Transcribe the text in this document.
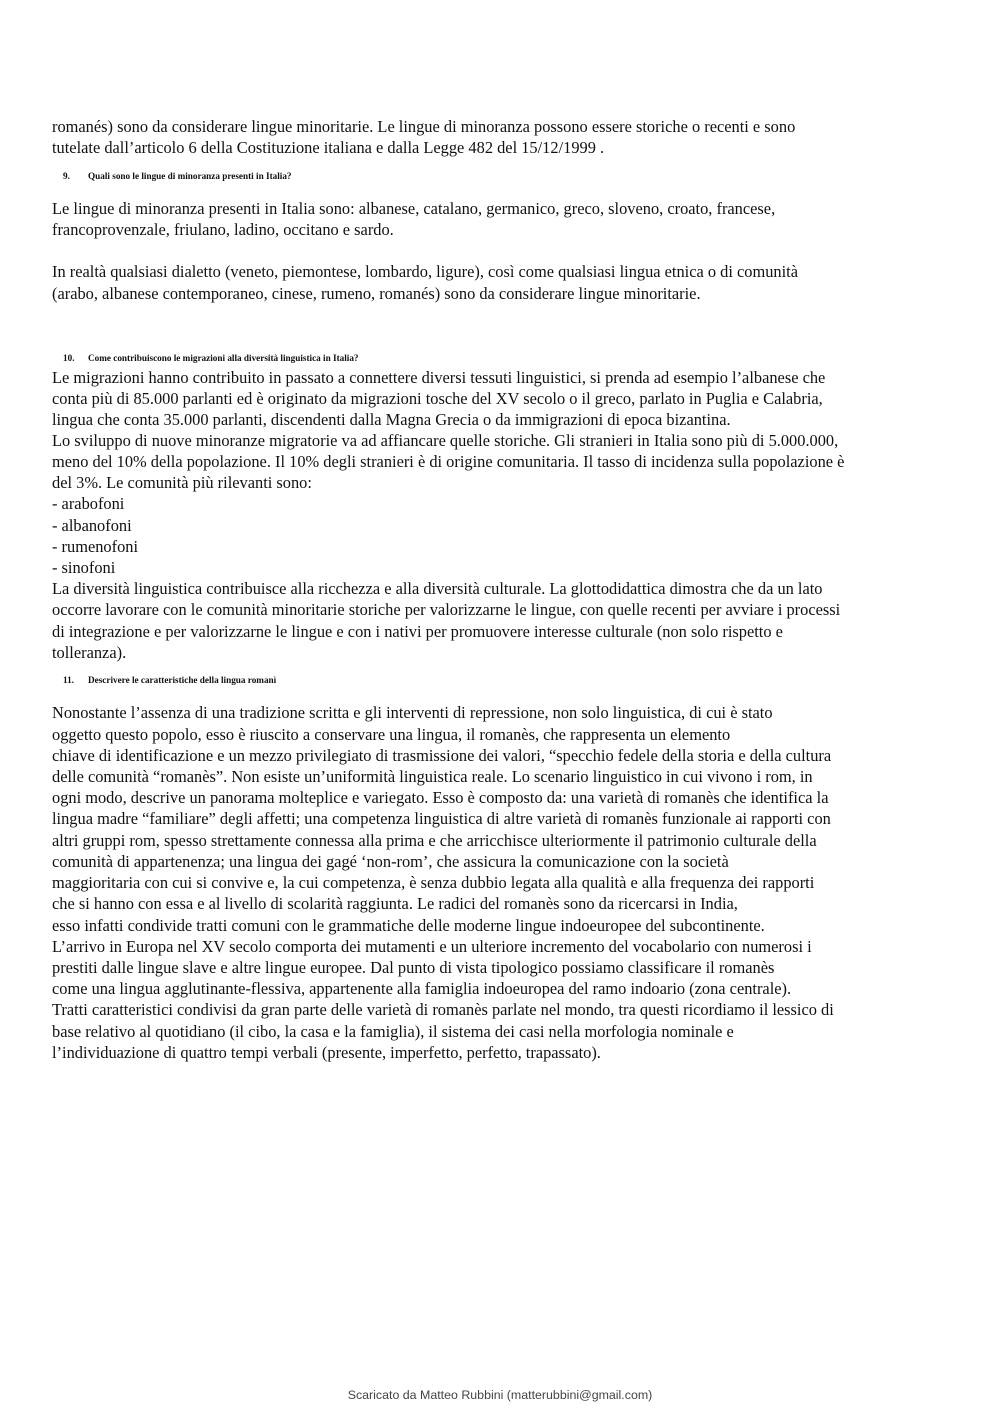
romanés) sono da considerare lingue minoritarie. Le lingue di minoranza possono essere storiche o recenti e sono
tutelate dall’articolo 6 della Costituzione italiana e dalla Legge 482 del 15/12/1999 .
9. Quali sono le lingue di minoranza presenti in Italia?
Le lingue di minoranza presenti in Italia sono: albanese, catalano, germanico, greco, sloveno, croato, francese,
francoprovenzale, friulano, ladino, occitano e sardo.
In realtà qualsiasi dialetto (veneto, piemontese, lombardo, ligure), così come qualsiasi lingua etnica o di comunità
(arabo, albanese contemporaneo, cinese, rumeno, romanés) sono da considerare lingue minoritarie.
10. Come contribuiscono le migrazioni alla diversità linguistica in Italia?
Le migrazioni hanno contribuito in passato a connettere diversi tessuti linguistici, si prenda ad esempio l’albanese che
conta più di 85.000 parlanti ed è originato da migrazioni tosche del XV secolo o il greco, parlato in Puglia e Calabria,
lingua che conta 35.000 parlanti, discendenti dalla Magna Grecia o da immigrazioni di epoca bizantina.
Lo sviluppo di nuove minoranze migratorie va ad affiancare quelle storiche. Gli stranieri in Italia sono più di 5.000.000,
meno del 10% della popolazione. Il 10% degli stranieri è di origine comunitaria. Il tasso di incidenza sulla popolazione è
del 3%. Le comunità più rilevanti sono:
- arabofoni
- albanofoni
- rumenofoni
- sinofoni
La diversità linguistica contribuisce alla ricchezza e alla diversità culturale. La glottodidattica dimostra che da un lato
occorre lavorare con le comunità minoritarie storiche per valorizzarne le lingue, con quelle recenti per avviare i processi
di integrazione e per valorizzarne le lingue e con i nativi per promuovere interesse culturale (non solo rispetto e
tolleranza).
11. Descrivere le caratteristiche della lingua romanì
Nonostante l’assenza di una tradizione scritta e gli interventi di repressione, non solo linguistica, di cui è stato
oggetto questo popolo, esso è riuscito a conservare una lingua, il romanès, che rappresenta un elemento
chiave di identificazione e un mezzo privilegiato di trasmissione dei valori, “specchio fedele della storia e della cultura
delle comunità “romanès”. Non esiste un’uniformità linguistica reale. Lo scenario linguistico in cui vivono i rom, in
ogni modo, descrive un panorama molteplice e variegato. Esso è composto da: una varietà di romanès che identifica la
lingua madre “familiare” degli affetti; una competenza linguistica di altre varietà di romanès funzionale ai rapporti con
altri gruppi rom, spesso strettamente connessa alla prima e che arricchisce ulteriormente il patrimonio culturale della
comunità di appartenenza; una lingua dei gagé ‘non-rom’, che assicura la comunicazione con la società
maggioritaria con cui si convive e, la cui competenza, è senza dubbio legata alla qualità e alla frequenza dei rapporti
che si hanno con essa e al livello di scolarità raggiunta. Le radici del romanès sono da ricercarsi in India,
esso infatti condivide tratti comuni con le grammatiche delle moderne lingue indoeuropee del subcontinente.
L’arrivo in Europa nel XV secolo comporta dei mutamenti e un ulteriore incremento del vocabolario con numerosi i
prestiti dalle lingue slave e altre lingue europee. Dal punto di vista tipologico possiamo classificare il romanès
come una lingua agglutinante-flessiva, appartenente alla famiglia indoeuropea del ramo indoario (zona centrale).
Tratti caratteristici condivisi da gran parte delle varietà di romanès parlate nel mondo, tra questi ricordiamo il lessico di
base relativo al quotidiano (il cibo, la casa e la famiglia), il sistema dei casi nella morfologia nominale e
l’individuazione di quattro tempi verbali (presente, imperfetto, perfetto, trapassato).
Scaricato da Matteo Rubbini (matterubbini@gmail.com)
